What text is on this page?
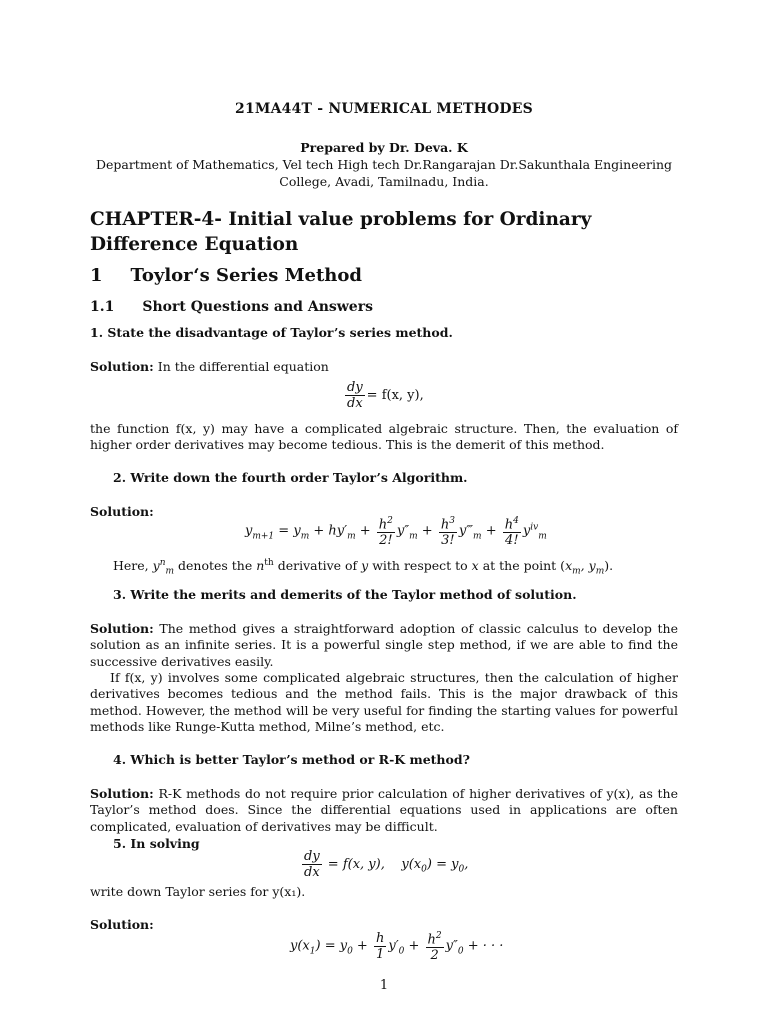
21MA44T - NUMERICAL METHODES
Prepared by Dr. Deva. K
Department of Mathematics, Vel tech High tech Dr.Rangarajan Dr.Sakunthala Engineering
College, Avadi, Tamilnadu, India.
CHAPTER-4- Initial value problems for Ordinary Difference Equation
1 Toylor‘s Series Method
1.1 Short Questions and Answers
1. State the disadvantage of Taylor’s series method.
Solution: In the differential equation
$\frac{dy}{dx} = f(x$, y),
the function f(x, y) may have a complicated algebraic structure. Then, the evaluation of higher order derivatives may become tedious. This is the demerit of this method.
2. Write down the fourth order Taylor’s Algorithm.
Solution:
$y_{m+1} = y_m + hy'_m + \frac{h^2}{2!} y''_m + \frac{h^3}{3!}$ $y‴_m + \frac{h^4}{4!} y^{iv}_m$
Here, $y^n_m$ denotes the $n^{th}$ derivative of y with respect to x at the point ($x_m$, $y_m$).
3. Write the merits and demerits of the Taylor method of solution.
Solution: The method gives a straightforward adoption of classic calculus to develop the solution as an infinite series. It is a powerful single step method, if we are able to find the successive derivatives easily.
If f(x, y) involves some complicated algebraic structures, then the calculation of higher derivatives becomes tedious and the method fails. This is the major drawback of this method. However, the method will be very useful for finding the starting values for powerful methods like Runge-Kutta method, Milne’s method, etc.
4. Which is better Taylor’s method or R-K method?
Solution: R-K methods do not require prior calculation of higher derivatives of y(x), as the Taylor’s method does. Since the differential equations used in applications are often complicated, evaluation of derivatives may be difficult.
5. In solving
$\frac{dy}{dx} = f(x$, y),    $y(x_0) = y_0$,
write down Taylor series for y(x₁).
Solution:
$y(x_1) = y_0 + \frac{h}{1} y'_0 + \frac{h^2}{2} y''_0$ + · · ·
1
